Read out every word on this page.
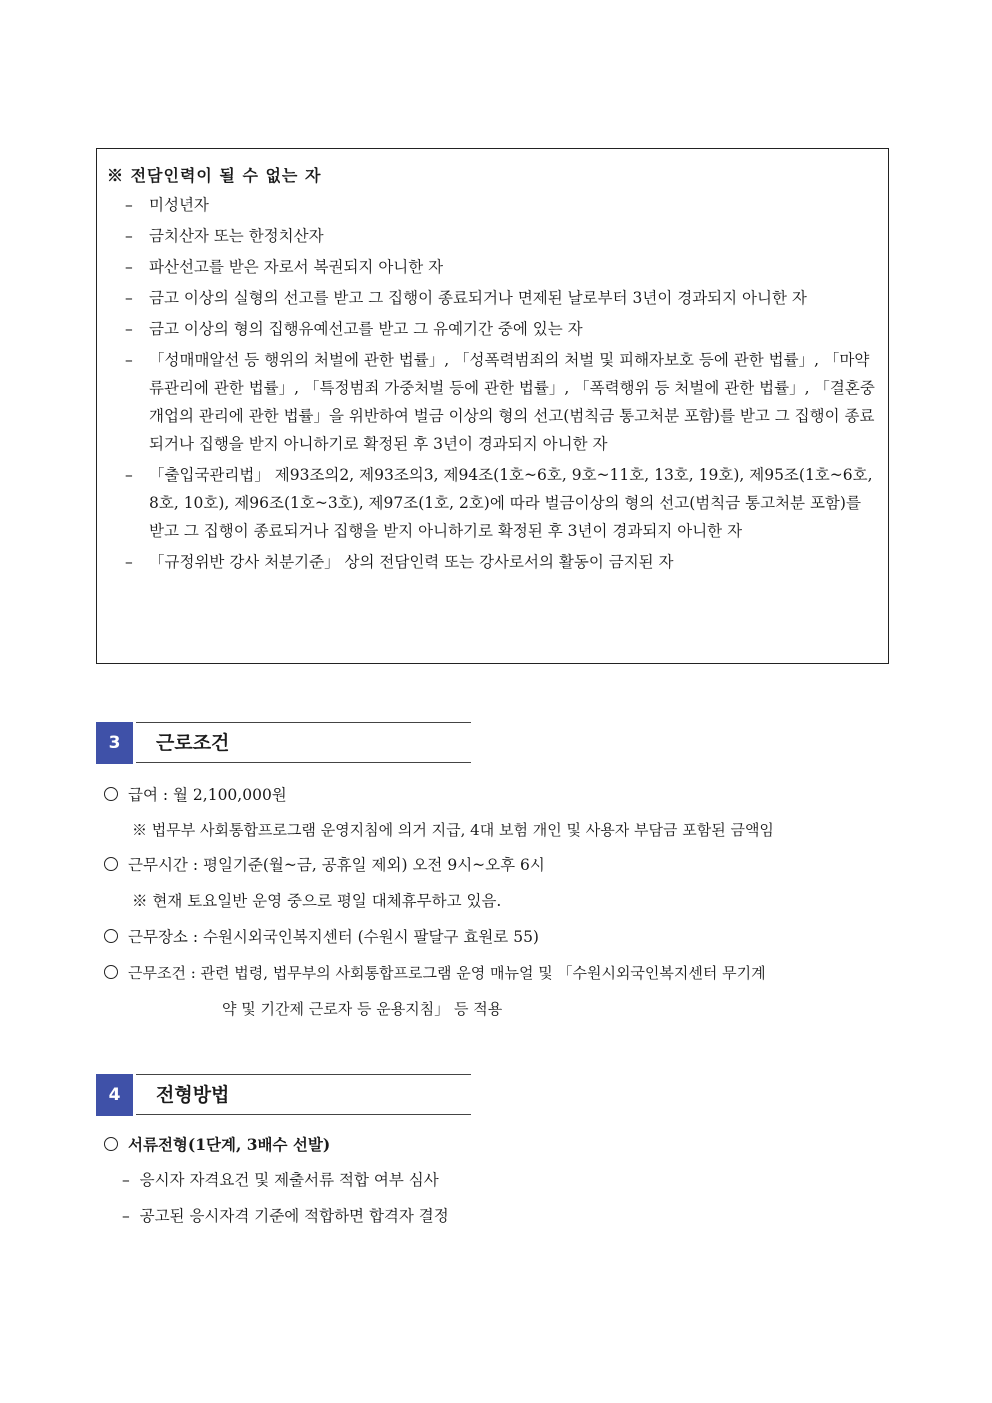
※ 전담인력이 될 수 없는 자
– 미성년자
– 금치산자 또는 한정치산자
– 파산선고를 받은 자로서 복권되지 아니한 자
– 금고 이상의 실형의 선고를 받고 그 집행이 종료되거나 면제된 날로부터 3년이 경과되지 아니한 자
– 금고 이상의 형의 집행유예선고를 받고 그 유예기간 중에 있는 자
– 「성매매알선 등 행위의 처벌에 관한 법률」, 「성폭력범죄의 처벌 및 피해자보호 등에 관한 법률」, 「마약류관리에 관한 법률」, 「특정범죄 가중처벌 등에 관한 법률」, 「폭력행위 등 처벌에 관한 법률」, 「결혼중개업의 관리에 관한 법률」을 위반하여 벌금 이상의 형의 선고(범칙금 통고처분 포함)를 받고 그 집행이 종료되거나 집행을 받지 아니하기로 확정된 후 3년이 경과되지 아니한 자
– 「출입국관리법」 제93조의2, 제93조의3, 제94조(1호~6호, 9호~11호, 13호, 19호), 제95조(1호~6호, 8호, 10호), 제96조(1호~3호), 제97조(1호, 2호)에 따라 벌금이상의 형의 선고(범칙금 통고처분 포함)를 받고 그 집행이 종료되거나 집행을 받지 아니하기로 확정된 후 3년이 경과되지 아니한 자
– 「규정위반 강사 처분기준」 상의 전담인력 또는 강사로서의 활동이 금지된 자
3	근로조건
급여 : 월 2,100,000원
※ 법무부 사회통합프로그램 운영지침에 의거 지급, 4대 보험 개인 및 사용자 부담금 포함된 금액임
근무시간 : 평일기준(월~금, 공휴일 제외) 오전 9시~오후 6시
※ 현재 토요일반 운영 중으로 평일 대체휴무하고 있음.
근무장소 : 수원시외국인복지센터 (수원시 팔달구 효원로 55)
근무조건 : 관련 법령, 법무부의 사회통합프로그램 운영 매뉴얼 및 「수원시외국인복지센터 무기계
약 및 기간제 근로자 등 운용지침」 등 적용
4	전형방법
서류전형(1단계, 3배수 선발)
– 응시자 자격요건 및 제출서류 적합 여부 심사
– 공고된 응시자격 기준에 적합하면 합격자 결정
